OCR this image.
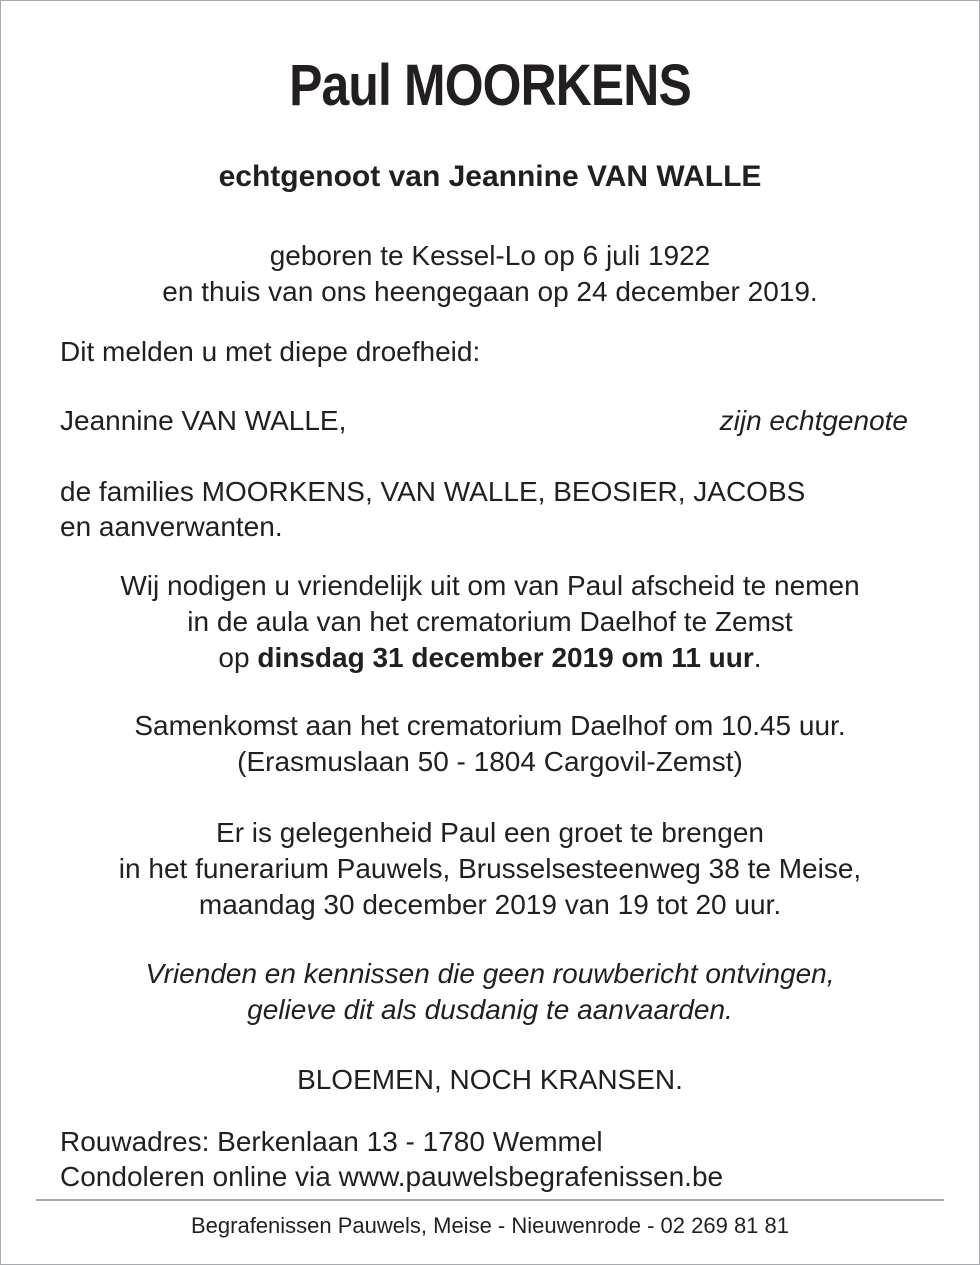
Paul MOORKENS
echtgenoot van Jeannine VAN WALLE
geboren te Kessel-Lo op 6 juli 1922
en thuis van ons heengegaan op 24 december 2019.
Dit melden u met diepe droefheid:
Jeannine VAN WALLE,	zijn echtgenote
de families MOORKENS, VAN WALLE, BEOSIER, JACOBS
en aanverwanten.
Wij nodigen u vriendelijk uit om van Paul afscheid te nemen
in de aula van het crematorium Daelhof te Zemst
op dinsdag 31 december 2019 om 11 uur.
Samenkomst aan het crematorium Daelhof om 10.45 uur.
(Erasmuslaan 50 - 1804 Cargovil-Zemst)
Er is gelegenheid Paul een groet te brengen
in het funerarium Pauwels, Brusselsesteenweg 38 te Meise,
maandag 30 december 2019 van 19 tot 20 uur.
Vrienden en kennissen die geen rouwbericht ontvingen,
gelieve dit als dusdanig te aanvaarden.
BLOEMEN, NOCH KRANSEN.
Rouwadres: Berkenlaan 13 - 1780 Wemmel
Condoleren online via www.pauwelsbegrafenissen.be
Begrafenissen Pauwels, Meise - Nieuwenrode - 02 269 81 81
